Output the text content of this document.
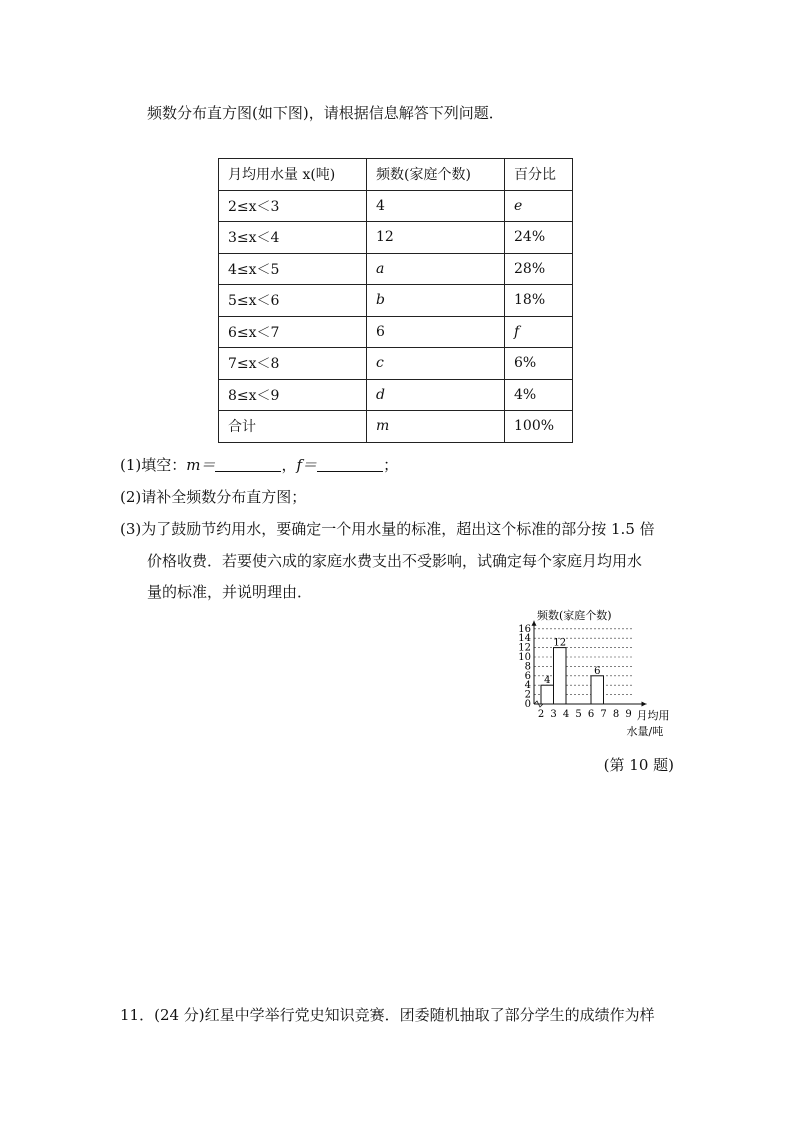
频数分布直方图(如下图)，请根据信息解答下列问题．
月均用水量 x(吨)	频数(家庭个数)	百分比
2≤x＜3	4	e
3≤x＜4	12	24%
4≤x＜5	a	28%
5≤x＜6	b	18%
6≤x＜7	6	f
7≤x＜8	c	6%
8≤x＜9	d	4%
合计	m	100%
(1)填空：m＝	，f＝	；
(2)请补全频数分布直方图；
(3)为了鼓励节约用水，要确定一个用水量的标准，超出这个标准的部分按 1.5 倍
价格收费．若要使六成的家庭水费支出不受影响，试确定每个家庭月均用水
量的标准，并说明理由．
0
2
4
6
8
10
12
14
16
2 3 4 5 6 7 8 9
4
12
6
频数(家庭个数)
月均用
水量/吨
(第 10 题)
11．(24 分)红星中学举行党史知识竞赛．团委随机抽取了部分学生的成绩作为样
